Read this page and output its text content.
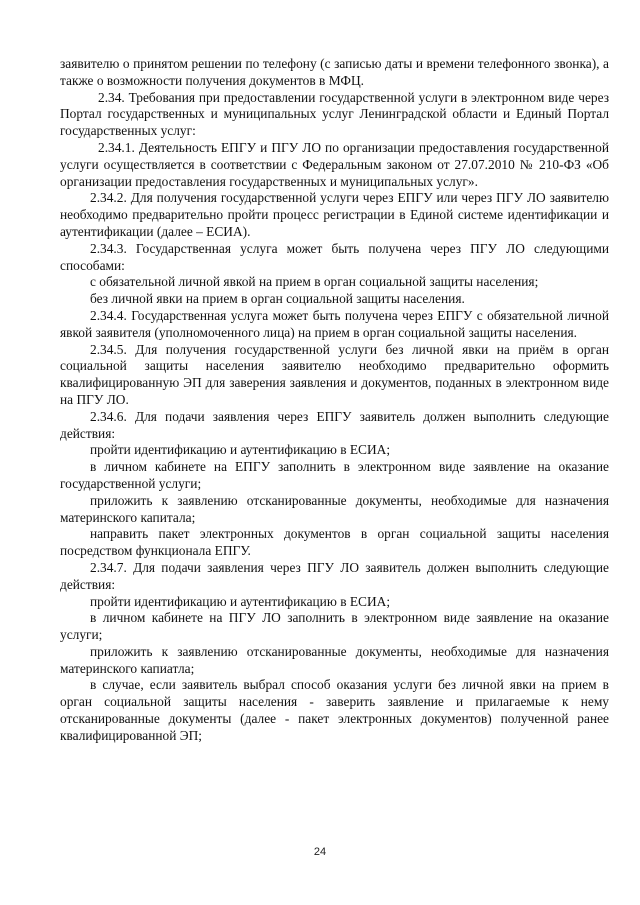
заявителю о принятом решении по телефону (с записью даты и времени телефонного звонка), а также о возможности получения документов в МФЦ.

2.34. Требования при предоставлении государственной услуги в электронном виде через Портал государственных и муниципальных услуг Ленинградской области и Единый Портал государственных услуг:

2.34.1. Деятельность ЕПГУ и ПГУ ЛО по организации предоставления государственной услуги осуществляется в соответствии с Федеральным законом от 27.07.2010 № 210-ФЗ «Об организации предоставления государственных и муниципальных услуг».

2.34.2. Для получения государственной услуги через ЕПГУ или через ПГУ ЛО заявителю необходимо предварительно пройти процесс регистрации в Единой системе идентификации и аутентификации (далее – ЕСИА).

2.34.3. Государственная услуга может быть получена через ПГУ ЛО следующими способами:

с обязательной личной явкой на прием в орган социальной защиты населения;

без личной явки на прием в орган социальной защиты населения.

2.34.4. Государственная услуга может быть получена через ЕПГУ с обязательной личной явкой заявителя (уполномоченного лица) на прием в орган социальной защиты населения.

2.34.5. Для получения государственной услуги без личной явки на приём в орган социальной защиты населения заявителю необходимо предварительно оформить квалифицированную ЭП для заверения заявления и документов, поданных в электронном виде на ПГУ ЛО.

2.34.6. Для подачи заявления через ЕПГУ заявитель должен выполнить следующие действия:

пройти идентификацию и аутентификацию в ЕСИА;

в личном кабинете на ЕПГУ заполнить в электронном виде заявление на оказание государственной услуги;

приложить к заявлению отсканированные документы, необходимые для назначения материнского капитала;

направить пакет электронных документов в орган социальной защиты населения посредством функционала ЕПГУ.

2.34.7. Для подачи заявления через ПГУ ЛО заявитель должен выполнить следующие действия:

пройти идентификацию и аутентификацию в ЕСИА;

в личном кабинете на ПГУ ЛО заполнить в электронном виде заявление на оказание услуги;

приложить к заявлению отсканированные документы, необходимые для назначения материнского капиатла;

в случае, если заявитель выбрал способ оказания услуги без личной явки на прием в орган социальной защиты населения - заверить заявление и прилагаемые к нему отсканированные документы (далее - пакет электронных документов) полученной ранее квалифицированной ЭП;

24
